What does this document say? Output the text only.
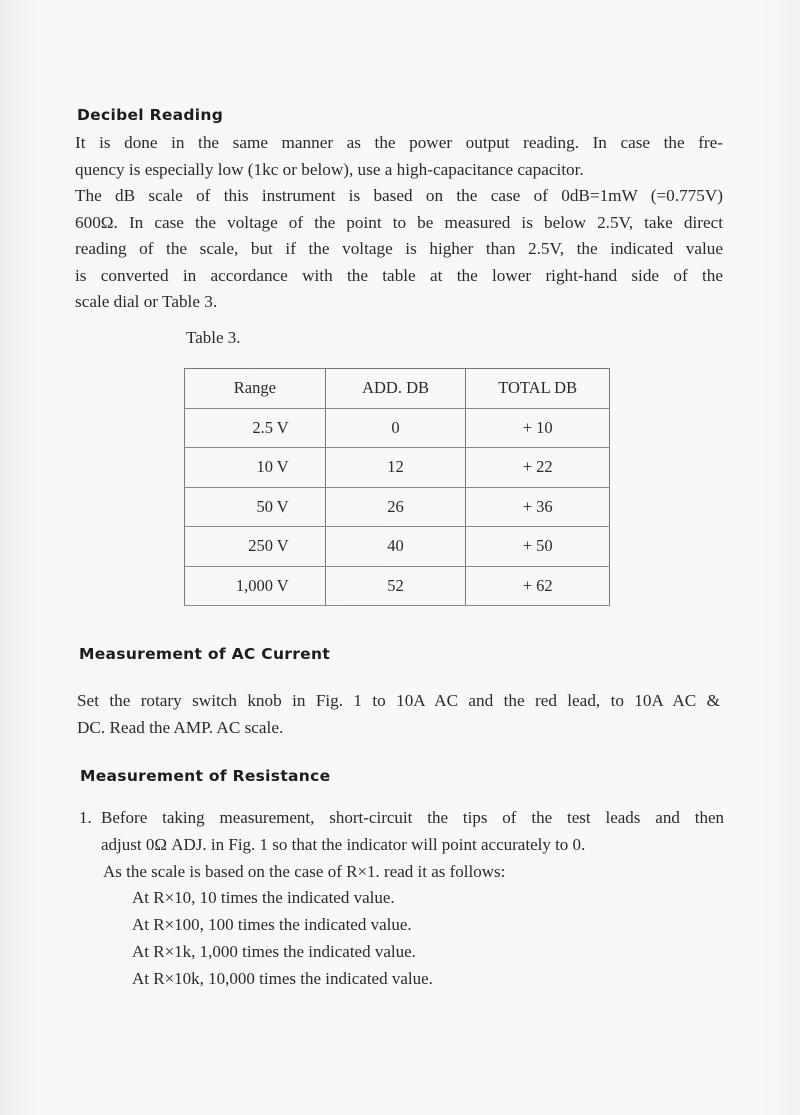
Decibel Reading
It is done in the same manner as the power output reading. In case the fre-
quency is especially low (1kc or below), use a high-capacitance capacitor.
The dB scale of this instrument is based on the case of 0dB=1mW (=0.775V)
600Ω. In case the voltage of the point to be measured is below 2.5V, take direct
reading of the scale, but if the voltage is higher than 2.5V, the indicated value
is converted in accordance with the table at the lower right-hand side of the
scale dial or Table 3.

Table 3.

Range	ADD. DB	TOTAL DB
2.5 V	0	+ 10
10 V	12	+ 22
50 V	26	+ 36
250 V	40	+ 50
1,000 V	52	+ 62
Measurement of AC Current
Set the rotary switch knob in Fig. 1 to 10A AC and the red lead, to 10A AC &
DC. Read the AMP. AC scale.
Measurement of Resistance
1. Before taking measurement, short-circuit the tips of the test leads and then
adjust 0Ω ADJ. in Fig. 1 so that the indicator will point accurately to 0.
As the scale is based on the case of R×1. read it as follows:
At R×10, 10 times the indicated value.
At R×100, 100 times the indicated value.
At R×1k, 1,000 times the indicated value.
At R×10k, 10,000 times the indicated value.
